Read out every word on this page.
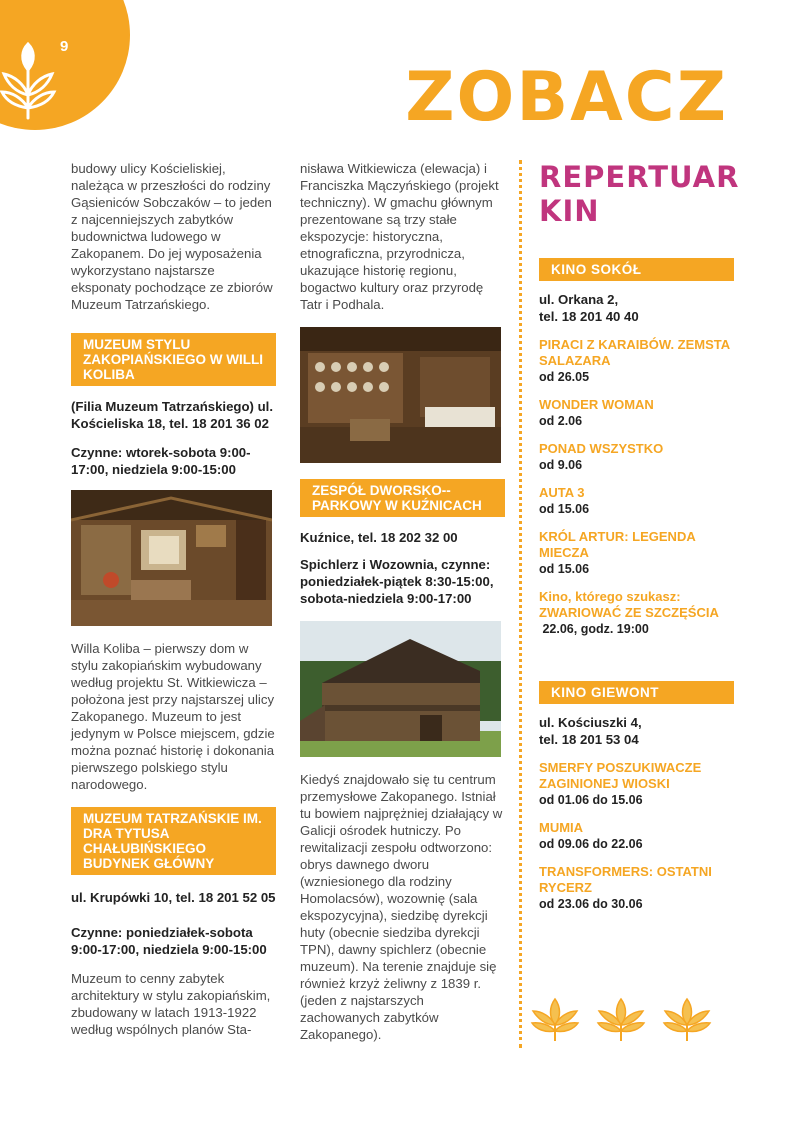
9
ZOBACZ

budowy ulicy Kościeliskiej, należąca w przeszłości do rodziny Gąsieniców Sobczaków – to jeden z najcenniejszych zabytków budownictwa ludowego w Zakopanem. Do jej wyposażenia wykorzystano najstarsze eksponaty pochodzące ze zbiorów Muzeum Tatrzańskiego.

MUZEUM STYLU ZAKOPIAŃSKIEGO W WILLI KOLIBA

(Filia Muzeum Tatrzańskiego) ul. Kościeliska 18, tel. 18 201 36 02

Czynne: wtorek-sobota 9:00-17:00, niedziela 9:00-15:00

Willa Koliba – pierwszy dom w stylu zakopiańskim wybudowany według projektu St. Witkiewicza – położona jest przy najstarszej ulicy Zakopanego. Muzeum to jest jedynym w Polsce miejscem, gdzie można poznać historię i dokonania pierwszego polskiego stylu narodowego.

MUZEUM TATRZAŃSKIE IM. DRA TYTUSA CHAŁUBIŃSKIEGO BUDYNEK GŁÓWNY

ul. Krupówki 10, tel. 18 201 52 05

Czynne: poniedziałek-sobota 9:00-17:00, niedziela 9:00-15:00

Muzeum to cenny zabytek architektury w stylu zakopiańskim, zbudowany w latach 1913-1922 według wspólnych planów Sta-

nisława Witkiewicza (elewacja) i Franciszka Mączyńskiego (projekt techniczny). W gmachu głównym prezentowane są trzy stałe ekspozycje: historyczna, etnograficzna, przyrodnicza, ukazujące historię regionu, bogactwo kultury oraz przyrodę Tatr i Podhala.

ZESPÓŁ DWORSKO--PARKOWY W KUŹNICACH

Kuźnice, tel. 18 202 32 00

Spichlerz i Wozownia, czynne: poniedziałek-piątek 8:30-15:00, sobota-niedziela 9:00-17:00

Kiedyś znajdowało się tu centrum przemysłowe Zakopanego. Istniał tu bowiem najprężniej działający w Galicji ośrodek hutniczy. Po rewitalizacji zespołu odtworzono: obrys dawnego dworu (wzniesionego dla rodziny Homolacsów), wozownię (sala ekspozycyjna), siedzibę dyrekcji huty (obecnie siedziba dyrekcji TPN), dawny spichlerz (obecnie muzeum). Na terenie znajduje się również krzyż żeliwny z 1839 r. (jeden z najstarszych zachowanych zabytków Zakopanego).

REPERTUAR
KIN
KINO SOKÓŁ

ul. Orkana 2,
tel. 18 201 40 40

PIRACI Z KARAIBÓW. ZEMSTA SALAZARA
od 26.05
WONDER WOMAN
od 2.06
PONAD WSZYSTKO
od 9.06
AUTA 3
od 15.06
KRÓL ARTUR: LEGENDA MIECZA
od 15.06
Kino, którego szukasz: ZWARIOWAĆ ZE SZCZĘŚCIA
22.06, godz. 19:00
KINO GIEWONT

ul. Kościuszki 4,
tel. 18 201 53 04

SMERFY POSZUKIWACZE ZAGINIONEJ WIOSKI
od 01.06 do 15.06
MUMIA
od 09.06 do 22.06
TRANSFORMERS: OSTATNI RYCERZ
od 23.06 do 30.06
